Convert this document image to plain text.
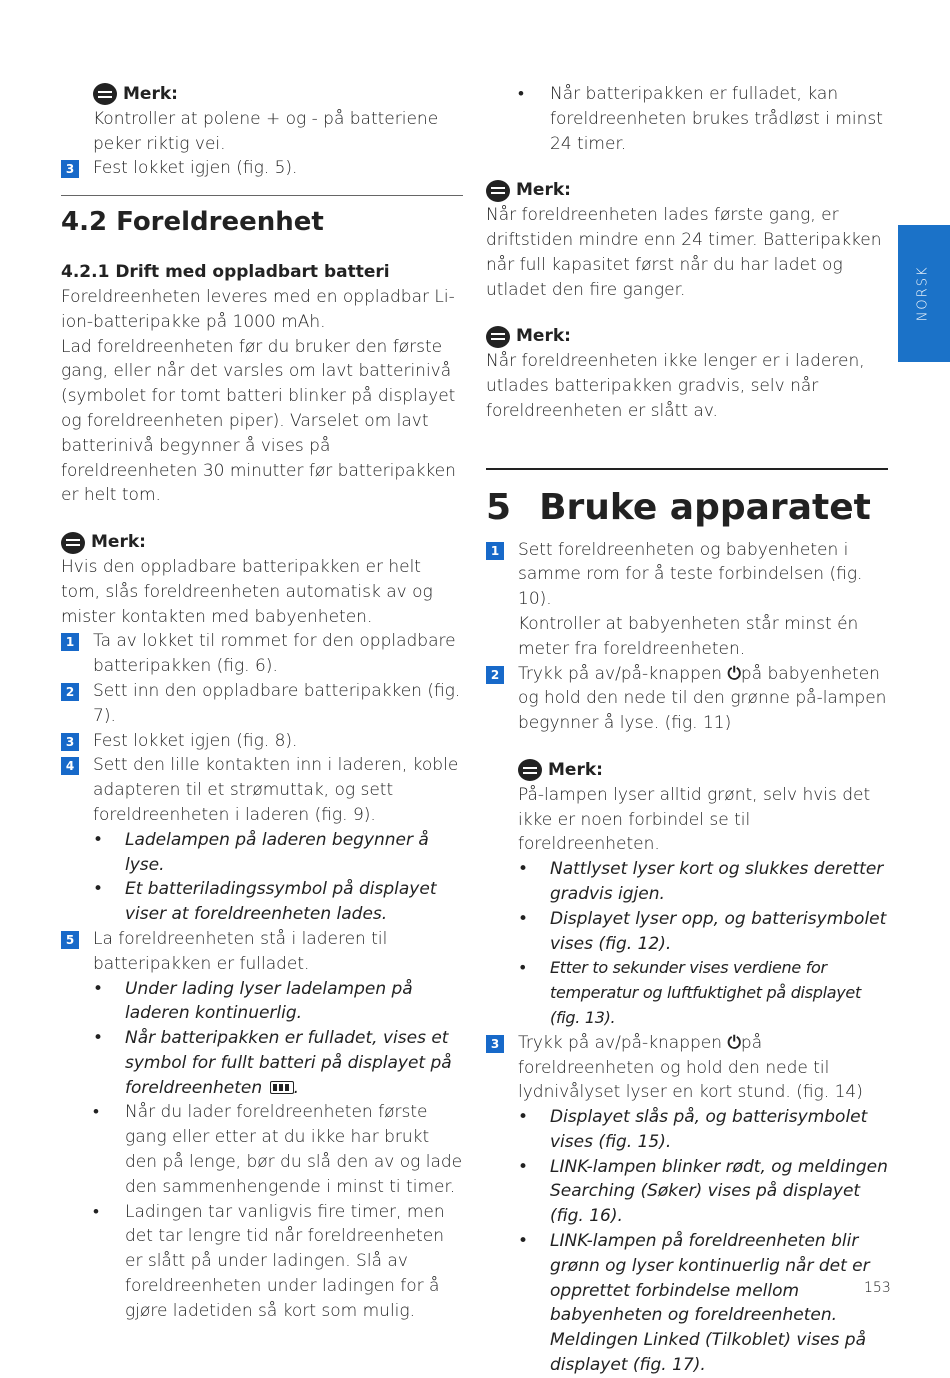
NORSK

Merk:

Kontroller at polene + og - på batteriene peker riktig vei.

3 Fest lokket igjen (fig. 5).

4.2 Foreldreenhet
4.2.1 Drift med oppladbart batteri

Foreldreenheten leveres med en oppladbar Li-ion-batteripakke på 1000 mAh.

Lad foreldreenheten før du bruker den første gang, eller når det varsles om lavt batterinivå (symbolet for tomt batteri blinker på displayet og foreldreenheten piper). Varselet om lavt batterinivå begynner å vises på foreldreenheten 30 minutter før batteripakken er helt tom.

Merk:

Hvis den oppladbare batteripakken er helt tom, slås foreldreenheten automatisk av og mister kontakten med babyenheten.

1 Ta av lokket til rommet for den oppladbare batteripakken (fig. 6).

2 Sett inn den oppladbare batteripakken (fig. 7).

3 Fest lokket igjen (fig. 8).

4 Sett den lille kontakten inn i laderen, koble adapteren til et strømuttak, og sett foreldreenheten i laderen (fig. 9).

• Ladelampen på laderen begynner å lyse.

• Et batteriladingssymbol på displayet viser at foreldreenheten lades.

5 La foreldreenheten stå i laderen til batteripakken er fulladet.

• Under lading lyser ladelampen på laderen kontinuerlig.

• Når batteripakken er fulladet, vises et symbol for fullt batteri på displayet på foreldreenheten .

• Når du lader foreldreenheten første gang eller etter at du ikke har brukt den på lenge, bør du slå den av og lade den sammenhengende i minst ti timer.

• Ladingen tar vanligvis fire timer, men det tar lengre tid når foreldreenheten er slått på under ladingen. Slå av foreldreenheten under ladingen for å gjøre ladetiden så kort som mulig.

• Når batteripakken er fulladet, kan foreldreenheten brukes trådløst i minst 24 timer.

Merk:

Når foreldreenheten lades første gang, er driftstiden mindre enn 24 timer. Batteripakken når full kapasitet først når du har ladet og utladet den fire ganger.

Merk:

Når foreldreenheten ikke lenger er i laderen, utlades batteripakken gradvis, selv når foreldreenheten er slått av.

5 Bruke apparatet
1 Sett foreldreenheten og babyenheten i samme rom for å teste forbindelsen (fig. 10).

Kontroller at babyenheten står minst én meter fra foreldreenheten.

2 Trykk på av/på-knappen ⏻på babyenheten og hold den nede til den grønne på-lampen begynner å lyse. (fig. 11)

Merk:

På-lampen lyser alltid grønt, selv hvis det ikke er noen forbindel se til foreldreenheten.

• Nattlyset lyser kort og slukkes deretter gradvis igjen.

• Displayet lyser opp, og batterisymbolet vises (fig. 12).

• Etter to sekunder vises verdiene for temperatur og luftfuktighet på displayet (fig. 13).

3 Trykk på av/på-knappen ⏻på foreldreenheten og hold den nede til lydnivålyset lyser en kort stund. (fig. 14)

• Displayet slås på, og batterisymbolet vises (fig. 15).

• LINK-lampen blinker rødt, og meldingen Searching (Søker) vises på displayet (fig. 16).

• LINK-lampen på foreldreenheten blir grønn og lyser kontinuerlig når det er opprettet forbindelse mellom babyenheten og foreldreenheten. Meldingen Linked (Tilkoblet) vises på displayet (fig. 17).

153
